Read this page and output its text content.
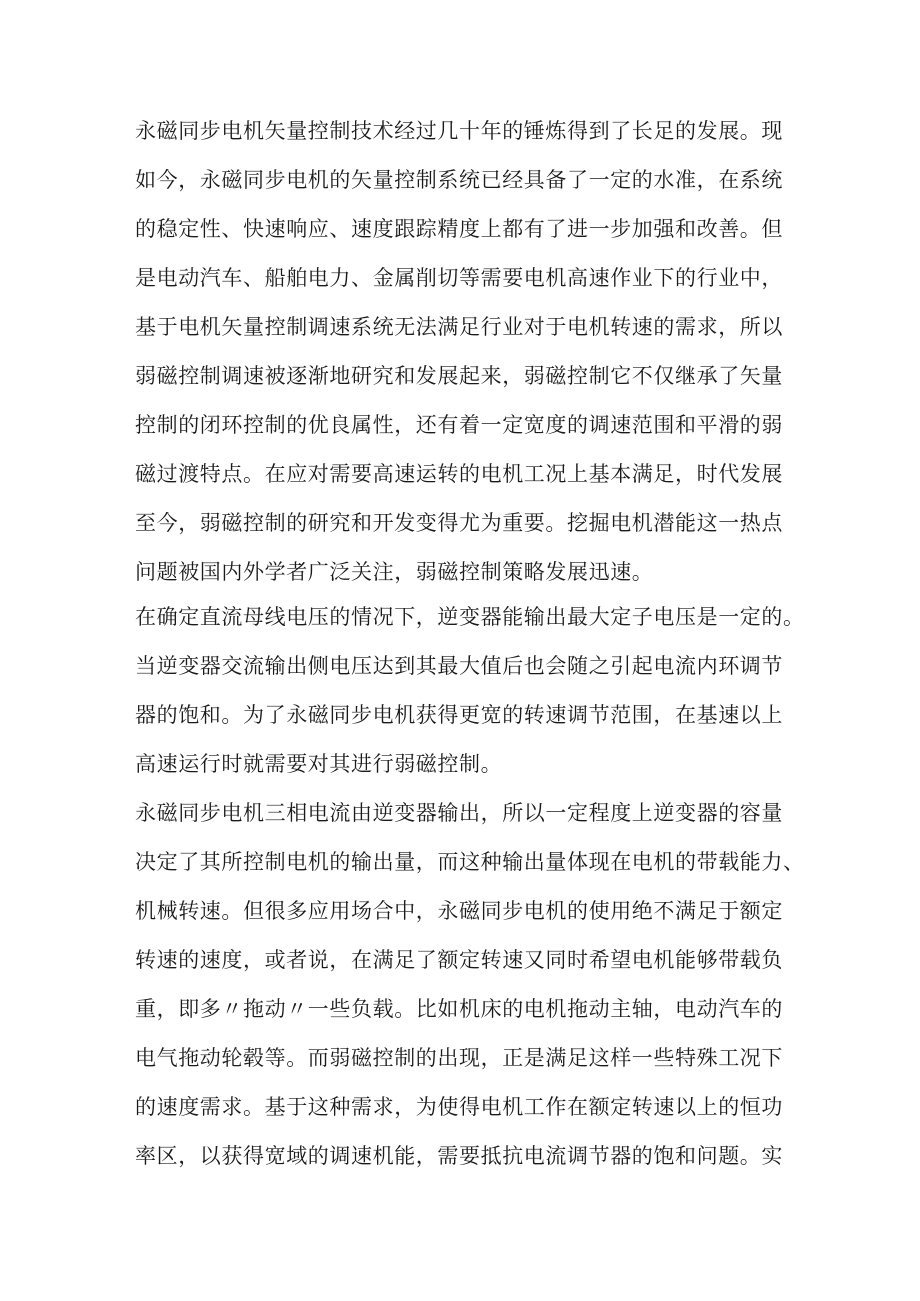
永磁同步电机矢量控制技术经过几十年的锤炼得到了长足的发展。现
如今，永磁同步电机的矢量控制系统已经具备了一定的水准，在系统
的稳定性、快速响应、速度跟踪精度上都有了进一步加强和改善。但
是电动汽车、船舶电力、金属削切等需要电机高速作业下的行业中，
基于电机矢量控制调速系统无法满足行业对于电机转速的需求，所以
弱磁控制调速被逐渐地研究和发展起来，弱磁控制它不仅继承了矢量
控制的闭环控制的优良属性，还有着一定宽度的调速范围和平滑的弱
磁过渡特点。在应对需要高速运转的电机工况上基本满足，时代发展
至今，弱磁控制的研究和开发变得尤为重要。挖掘电机潜能这一热点
问题被国内外学者广泛关注，弱磁控制策略发展迅速。
在确定直流母线电压的情况下，逆变器能输出最大定子电压是一定的。
当逆变器交流输出侧电压达到其最大值后也会随之引起电流内环调节
器的饱和。为了永磁同步电机获得更宽的转速调节范围，在基速以上
高速运行时就需要对其进行弱磁控制。
永磁同步电机三相电流由逆变器输出，所以一定程度上逆变器的容量
决定了其所控制电机的输出量，而这种输出量体现在电机的带载能力、
机械转速。但很多应用场合中，永磁同步电机的使用绝不满足于额定
转速的速度，或者说，在满足了额定转速又同时希望电机能够带载负
重，即多〃拖动〃一些负载。比如机床的电机拖动主轴，电动汽车的
电气拖动轮毂等。而弱磁控制的出现，正是满足这样一些特殊工况下
的速度需求。基于这种需求，为使得电机工作在额定转速以上的恒功
率区，以获得宽域的调速机能，需要抵抗电流调节器的饱和问题。实
